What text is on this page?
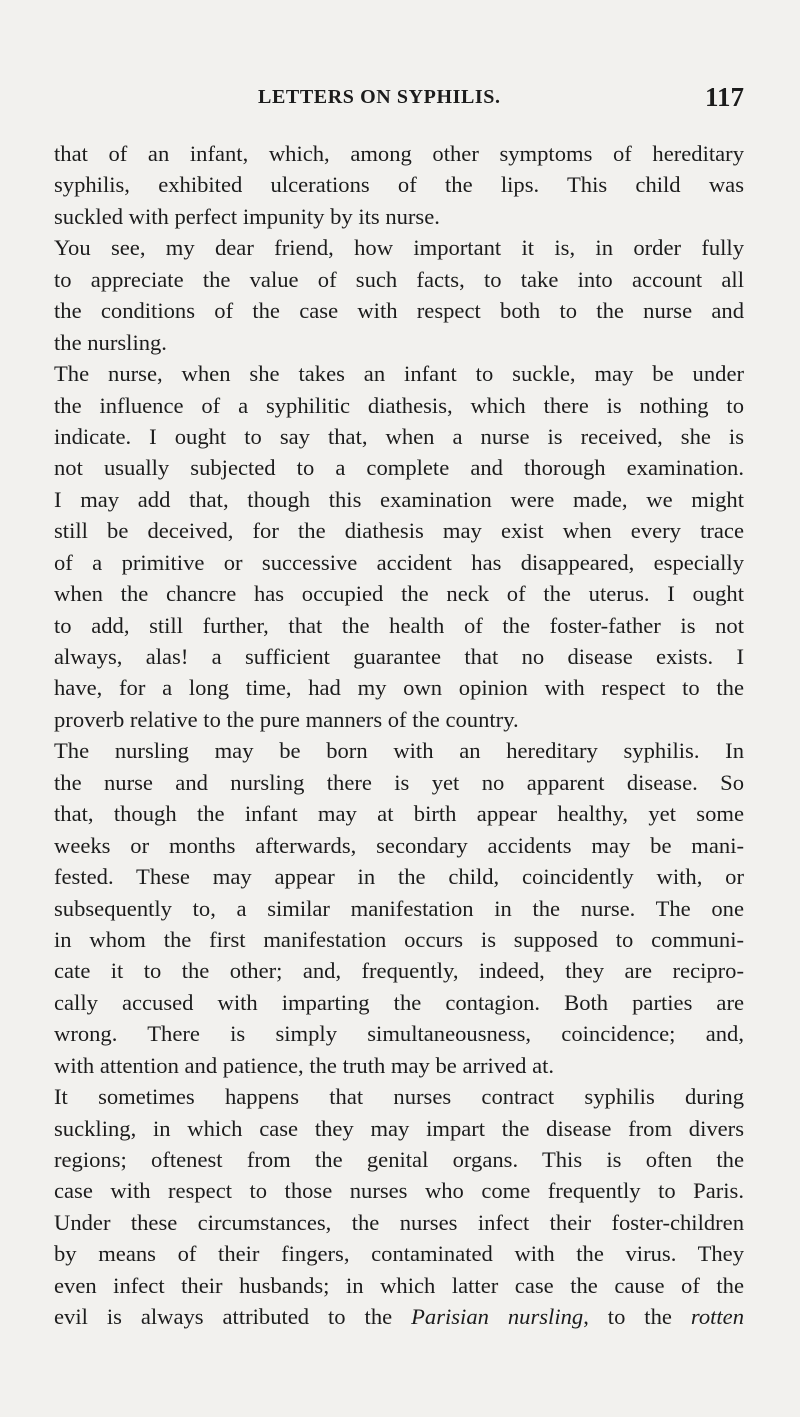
LETTERS ON SYPHILIS.	117
that of an infant, which, among other symptoms of hereditary
syphilis, exhibited ulcerations of the lips. This child was
suckled with perfect impunity by its nurse.
You see, my dear friend, how important it is, in order fully
to appreciate the value of such facts, to take into account all
the conditions of the case with respect both to the nurse and
the nursling.
The nurse, when she takes an infant to suckle, may be under
the influence of a syphilitic diathesis, which there is nothing to
indicate. I ought to say that, when a nurse is received, she is
not usually subjected to a complete and thorough examination.
I may add that, though this examination were made, we might
still be deceived, for the diathesis may exist when every trace
of a primitive or successive accident has disappeared, especially
when the chancre has occupied the neck of the uterus. I ought
to add, still further, that the health of the foster-father is not
always, alas! a sufficient guarantee that no disease exists. I
have, for a long time, had my own opinion with respect to the
proverb relative to the pure manners of the country.
The nursling may be born with an hereditary syphilis. In
the nurse and nursling there is yet no apparent disease. So
that, though the infant may at birth appear healthy, yet some
weeks or months afterwards, secondary accidents may be mani-
fested. These may appear in the child, coincidently with, or
subsequently to, a similar manifestation in the nurse. The one
in whom the first manifestation occurs is supposed to communi-
cate it to the other; and, frequently, indeed, they are recipro-
cally accused with imparting the contagion. Both parties are
wrong. There is simply simultaneousness, coincidence; and,
with attention and patience, the truth may be arrived at.
It sometimes happens that nurses contract syphilis during
suckling, in which case they may impart the disease from divers
regions; oftenest from the genital organs. This is often the
case with respect to those nurses who come frequently to Paris.
Under these circumstances, the nurses infect their foster-children
by means of their fingers, contaminated with the virus. They
even infect their husbands; in which latter case the cause of the
evil is always attributed to the Parisian nursling, to the rotten
